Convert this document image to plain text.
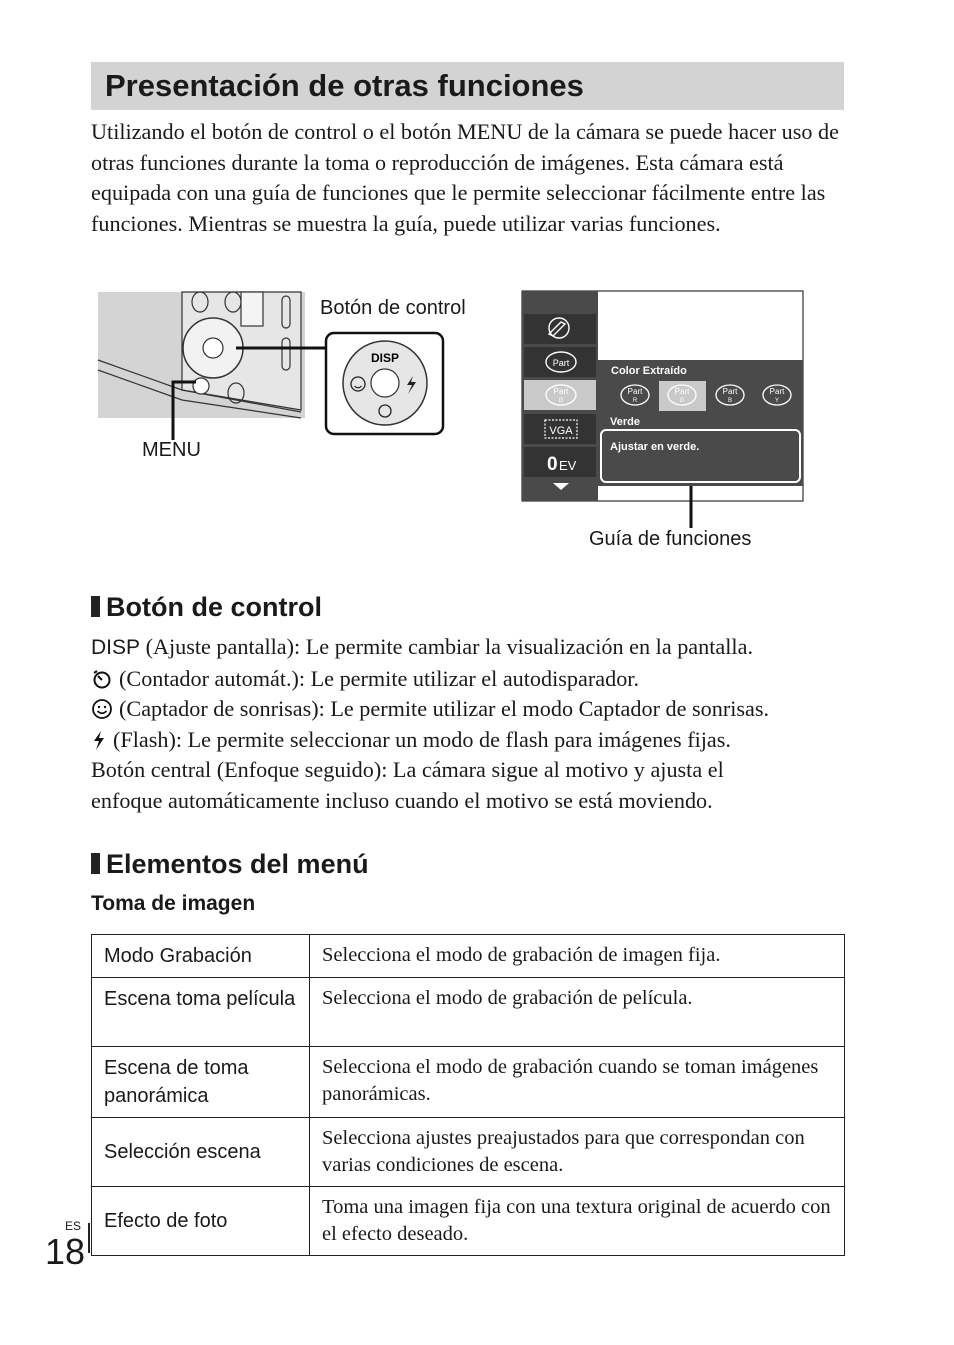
Presentación de otras funciones
Utilizando el botón de control o el botón MENU de la cámara se puede hacer uso de otras funciones durante la toma o reproducción de imágenes. Esta cámara está equipada con una guía de funciones que le permite seleccionar fácilmente entre las funciones. Mientras se muestra la guía, puede utilizar varias funciones.
DISP
Botón de control
MENU
Part
Part
G
VGA
0 EV
Color Extraído
Part
R
Part
G
Part
B
Part
Y
Verde
Ajustar en verde.
Guía de funciones
Botón de control
DISP (Ajuste pantalla): Le permite cambiar la visualización en la pantalla.
(Contador automát.): Le permite utilizar el autodisparador.
(Captador de sonrisas): Le permite utilizar el modo Captador de sonrisas.
(Flash): Le permite seleccionar un modo de flash para imágenes fijas.
Botón central (Enfoque seguido): La cámara sigue al motivo y ajusta el
enfoque automáticamente incluso cuando el motivo se está moviendo.
Elementos del menú
Toma de imagen
Modo Grabación	Selecciona el modo de grabación de imagen fija.
Escena toma película	Selecciona el modo de grabación de película.
Escena de toma panorámica	Selecciona el modo de grabación cuando se toman imágenes panorámicas.
Selección escena	Selecciona ajustes preajustados para que correspondan con varias condiciones de escena.
Efecto de foto	Toma una imagen fija con una textura original de acuerdo con el efecto deseado.
ES
18
